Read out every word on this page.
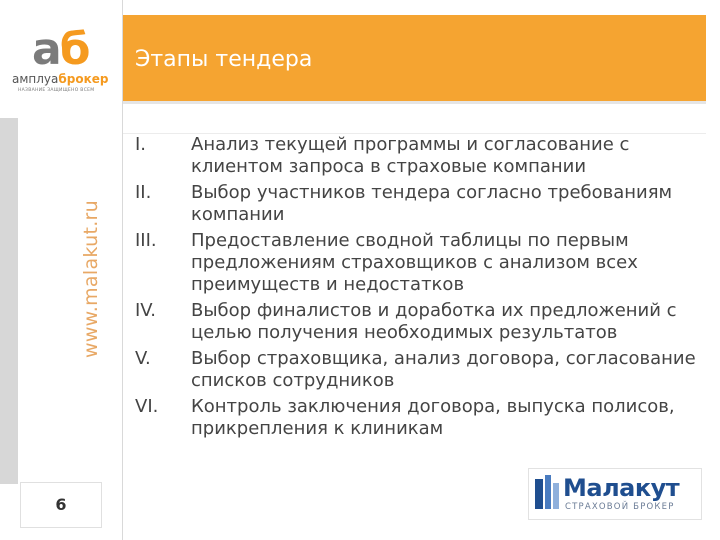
аб
амплуаброкер
НАЗВАНИЕ ЗАЩИЩЕНО ВСЕМ
www.ampluabroker.ru www.malakut.ru
6
Этапы тендера
I.	Анализ текущей программы и согласование с клиентом запроса в страховые компании
II.	Выбор участников тендера согласно требованиям компании
III.	Предоставление сводной таблицы по первым предложениям страховщиков с анализом всех преимуществ и недостатков
IV.	Выбор финалистов и доработка их предложений с целью получения необходимых результатов
V.	Выбор страховщика, анализ договора, согласование списков сотрудников
VI.	Контроль заключения договора, выпуска полисов, прикрепления к клиникам
Малакут
СТРАХОВОЙ БРОКЕР
